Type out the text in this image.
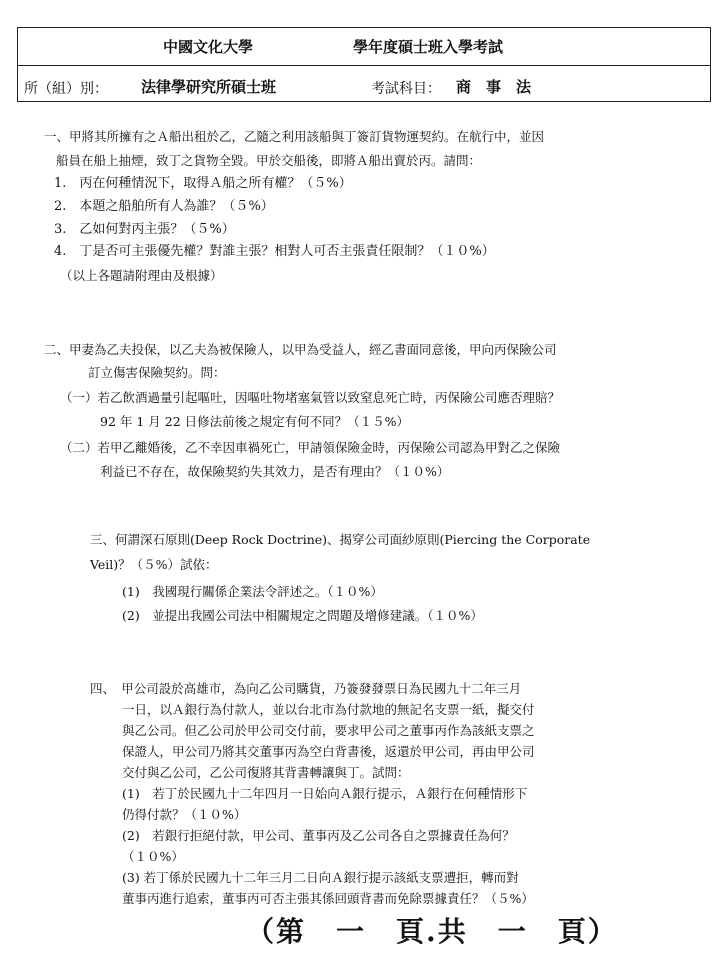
中國文化大學	學年度碩士班入學考試
所（組）別： 法律學研究所碩士班	考試科目： 商　事　法
一、甲將其所擁有之Ａ船出租於乙，乙隨之利用該船與丁簽訂貨物運契約。在航行中，並因
船員在船上抽煙，致丁之貨物全毀。甲於交船後，即將Ａ船出賣於丙。請問：
1.　丙在何種情況下，取得Ａ船之所有權？（５%）
2.　本題之船舶所有人為誰？（５%）
3.　乙如何對丙主張？（５%）
4.　丁是否可主張優先權？對誰主張？相對人可否主張責任限制？（１０%）
（以上各題請附理由及根據）
二、甲妻為乙夫投保，以乙夫為被保險人，以甲為受益人，經乙書面同意後，甲向丙保險公司
訂立傷害保險契約。問：
（一）若乙飲酒過量引起嘔吐，因嘔吐物堵塞氣管以致窒息死亡時，丙保險公司應否理賠？
92 年 1 月 22 日修法前後之規定有何不同？（１５%）
（二）若甲乙離婚後，乙不幸因車禍死亡，甲請領保險金時，丙保險公司認為甲對乙之保險
利益已不存在，故保險契約失其效力，是否有理由？（１０%）
三、何謂深石原則(Deep Rock Doctrine)、揭穿公司面紗原則(Piercing the Corporate
Veil)？（５%）試依：
(1)　我國現行關係企業法令評述之。（１０%）
(2)　並提出我國公司法中相關規定之問題及增修建議。（１０%）
四、　甲公司設於高雄市，為向乙公司購貨，乃簽發發票日為民國九十二年三月
一日，以Ａ銀行為付款人，並以台北市為付款地的無記名支票一紙，擬交付
與乙公司。但乙公司於甲公司交付前，要求甲公司之董事丙作為該紙支票之
保證人，甲公司乃將其交董事丙為空白背書後，返還於甲公司，再由甲公司
交付與乙公司，乙公司復將其背書轉讓與丁。試問：
(1)　若丁於民國九十二年四月一日始向Ａ銀行提示，Ａ銀行在何種情形下
仍得付款？（１０%）
(2)　若銀行拒絕付款，甲公司、董事丙及乙公司各自之票據責任為何？
（１０%）
(3) 若丁係於民國九十二年三月二日向Ａ銀行提示該紙支票遭拒，轉而對
董事丙進行追索，董事丙可否主張其係回頭背書而免除票據責任？（５%）
（第　一　頁.共　一　頁）
